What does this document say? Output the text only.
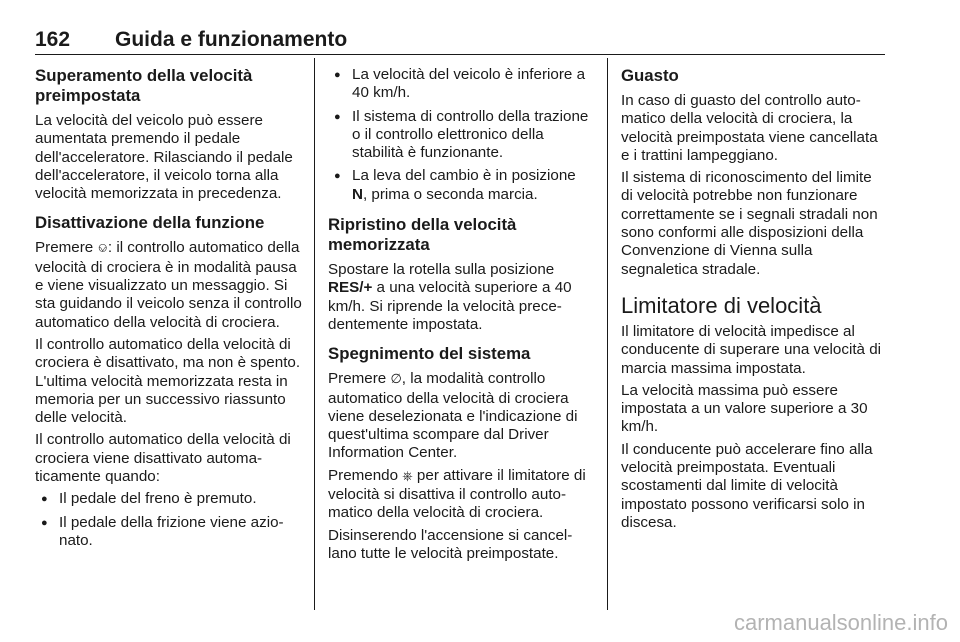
162 Guida e funzionamento
Superamento della velocità preimpostata

La velocità del veicolo può essere aumentata premendo il pedale dell'acceleratore. Rilasciando il pedale dell'acceleratore, il veicolo torna alla velocità memorizzata in precedenza.

Disattivazione della funzione

Premere ⎉: il controllo automatico della velocità di crociera è in modalità pausa e viene visualizzato un messaggio. Si sta guidando il veicolo senza il controllo automatico della velocità di crociera.

Il controllo automatico della velocità di crociera è disattivato, ma non è spento. L'ultima velocità memorizzata resta in memoria per un successivo riassunto delle velocità.

Il controllo automatico della velocità di crociera viene disattivato automaticamente quando:

● Il pedale del freno è premuto.
● Il pedale della frizione viene azionato.
● La velocità del veicolo è inferiore a 40 km/h.
● Il sistema di controllo della trazione o il controllo elettronico della stabilità è funzionante.
● La leva del cambio è in posizione N, prima o seconda marcia.
Ripristino della velocità memorizzata

Spostare la rotella sulla posizione RES/+ a una velocità superiore a 40 km/h. Si riprende la velocità precedentemente impostata.

Spegnimento del sistema

Premere ∅, la modalità controllo automatico della velocità di crociera viene deselezionata e l'indicazione di quest'ultima scompare dal Driver Information Center.

Premendo ⎈ per attivare il limitatore di velocità si disattiva il controllo automatico della velocità di crociera.

Disinserendo l'accensione si cancellano tutte le velocità preimpostate.

Guasto

In caso di guasto del controllo automatico della velocità di crociera, la velocità preimpostata viene cancellata e i trattini lampeggiano.

Il sistema di riconoscimento del limite di velocità potrebbe non funzionare correttamente se i segnali stradali non sono conformi alle disposizioni della Convenzione di Vienna sulla segnaletica stradale.

Limitatore di velocità

Il limitatore di velocità impedisce al conducente di superare una velocità di marcia massima impostata.

La velocità massima può essere impostata a un valore superiore a 30 km/h.

Il conducente può accelerare fino alla velocità preimpostata. Eventuali scostamenti dal limite di velocità impostato possono verificarsi solo in discesa.

carmanualsonline.info
